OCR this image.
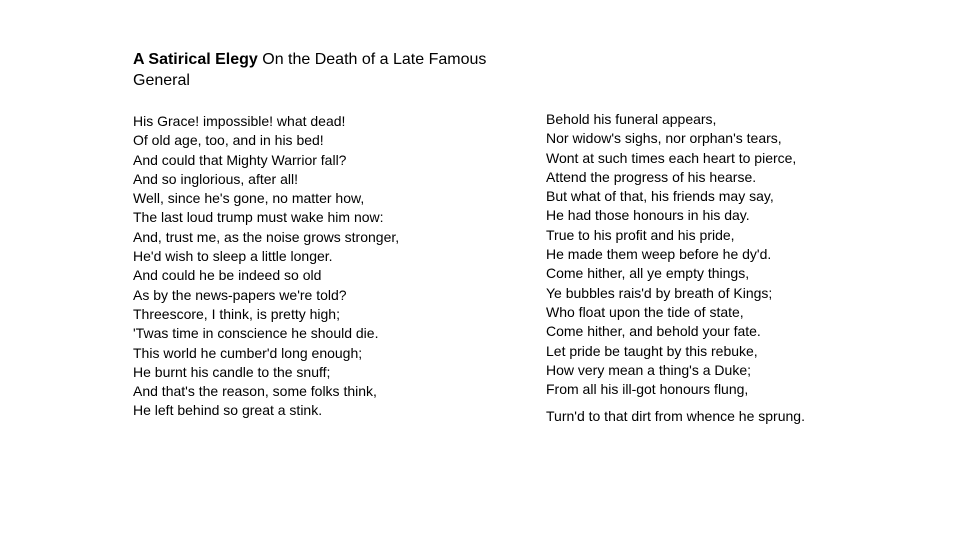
A Satirical Elegy On the Death of a Late Famous General
His Grace! impossible! what dead!
Of old age, too, and in his bed!
And could that Mighty Warrior fall?
And so inglorious, after all!
Well, since he's gone, no matter how,
The last loud trump must wake him now:
And, trust me, as the noise grows stronger,
He'd wish to sleep a little longer.
And could he be indeed so old
As by the news-papers we're told?
Threescore, I think, is pretty high;
'Twas time in conscience he should die.
This world he cumber'd long enough;
He burnt his candle to the snuff;
And that's the reason, some folks think,
He left behind so great a stink.
Behold his funeral appears,
Nor widow's sighs, nor orphan's tears,
Wont at such times each heart to pierce,
Attend the progress of his hearse.
But what of that, his friends may say,
He had those honours in his day.
True to his profit and his pride,
He made them weep before he dy'd.
Come hither, all ye empty things,
Ye bubbles rais'd by breath of Kings;
Who float upon the tide of state,
Come hither, and behold your fate.
Let pride be taught by this rebuke,
How very mean a thing's a Duke;
From all his ill-got honours flung,
Turn'd to that dirt from whence he sprung.
